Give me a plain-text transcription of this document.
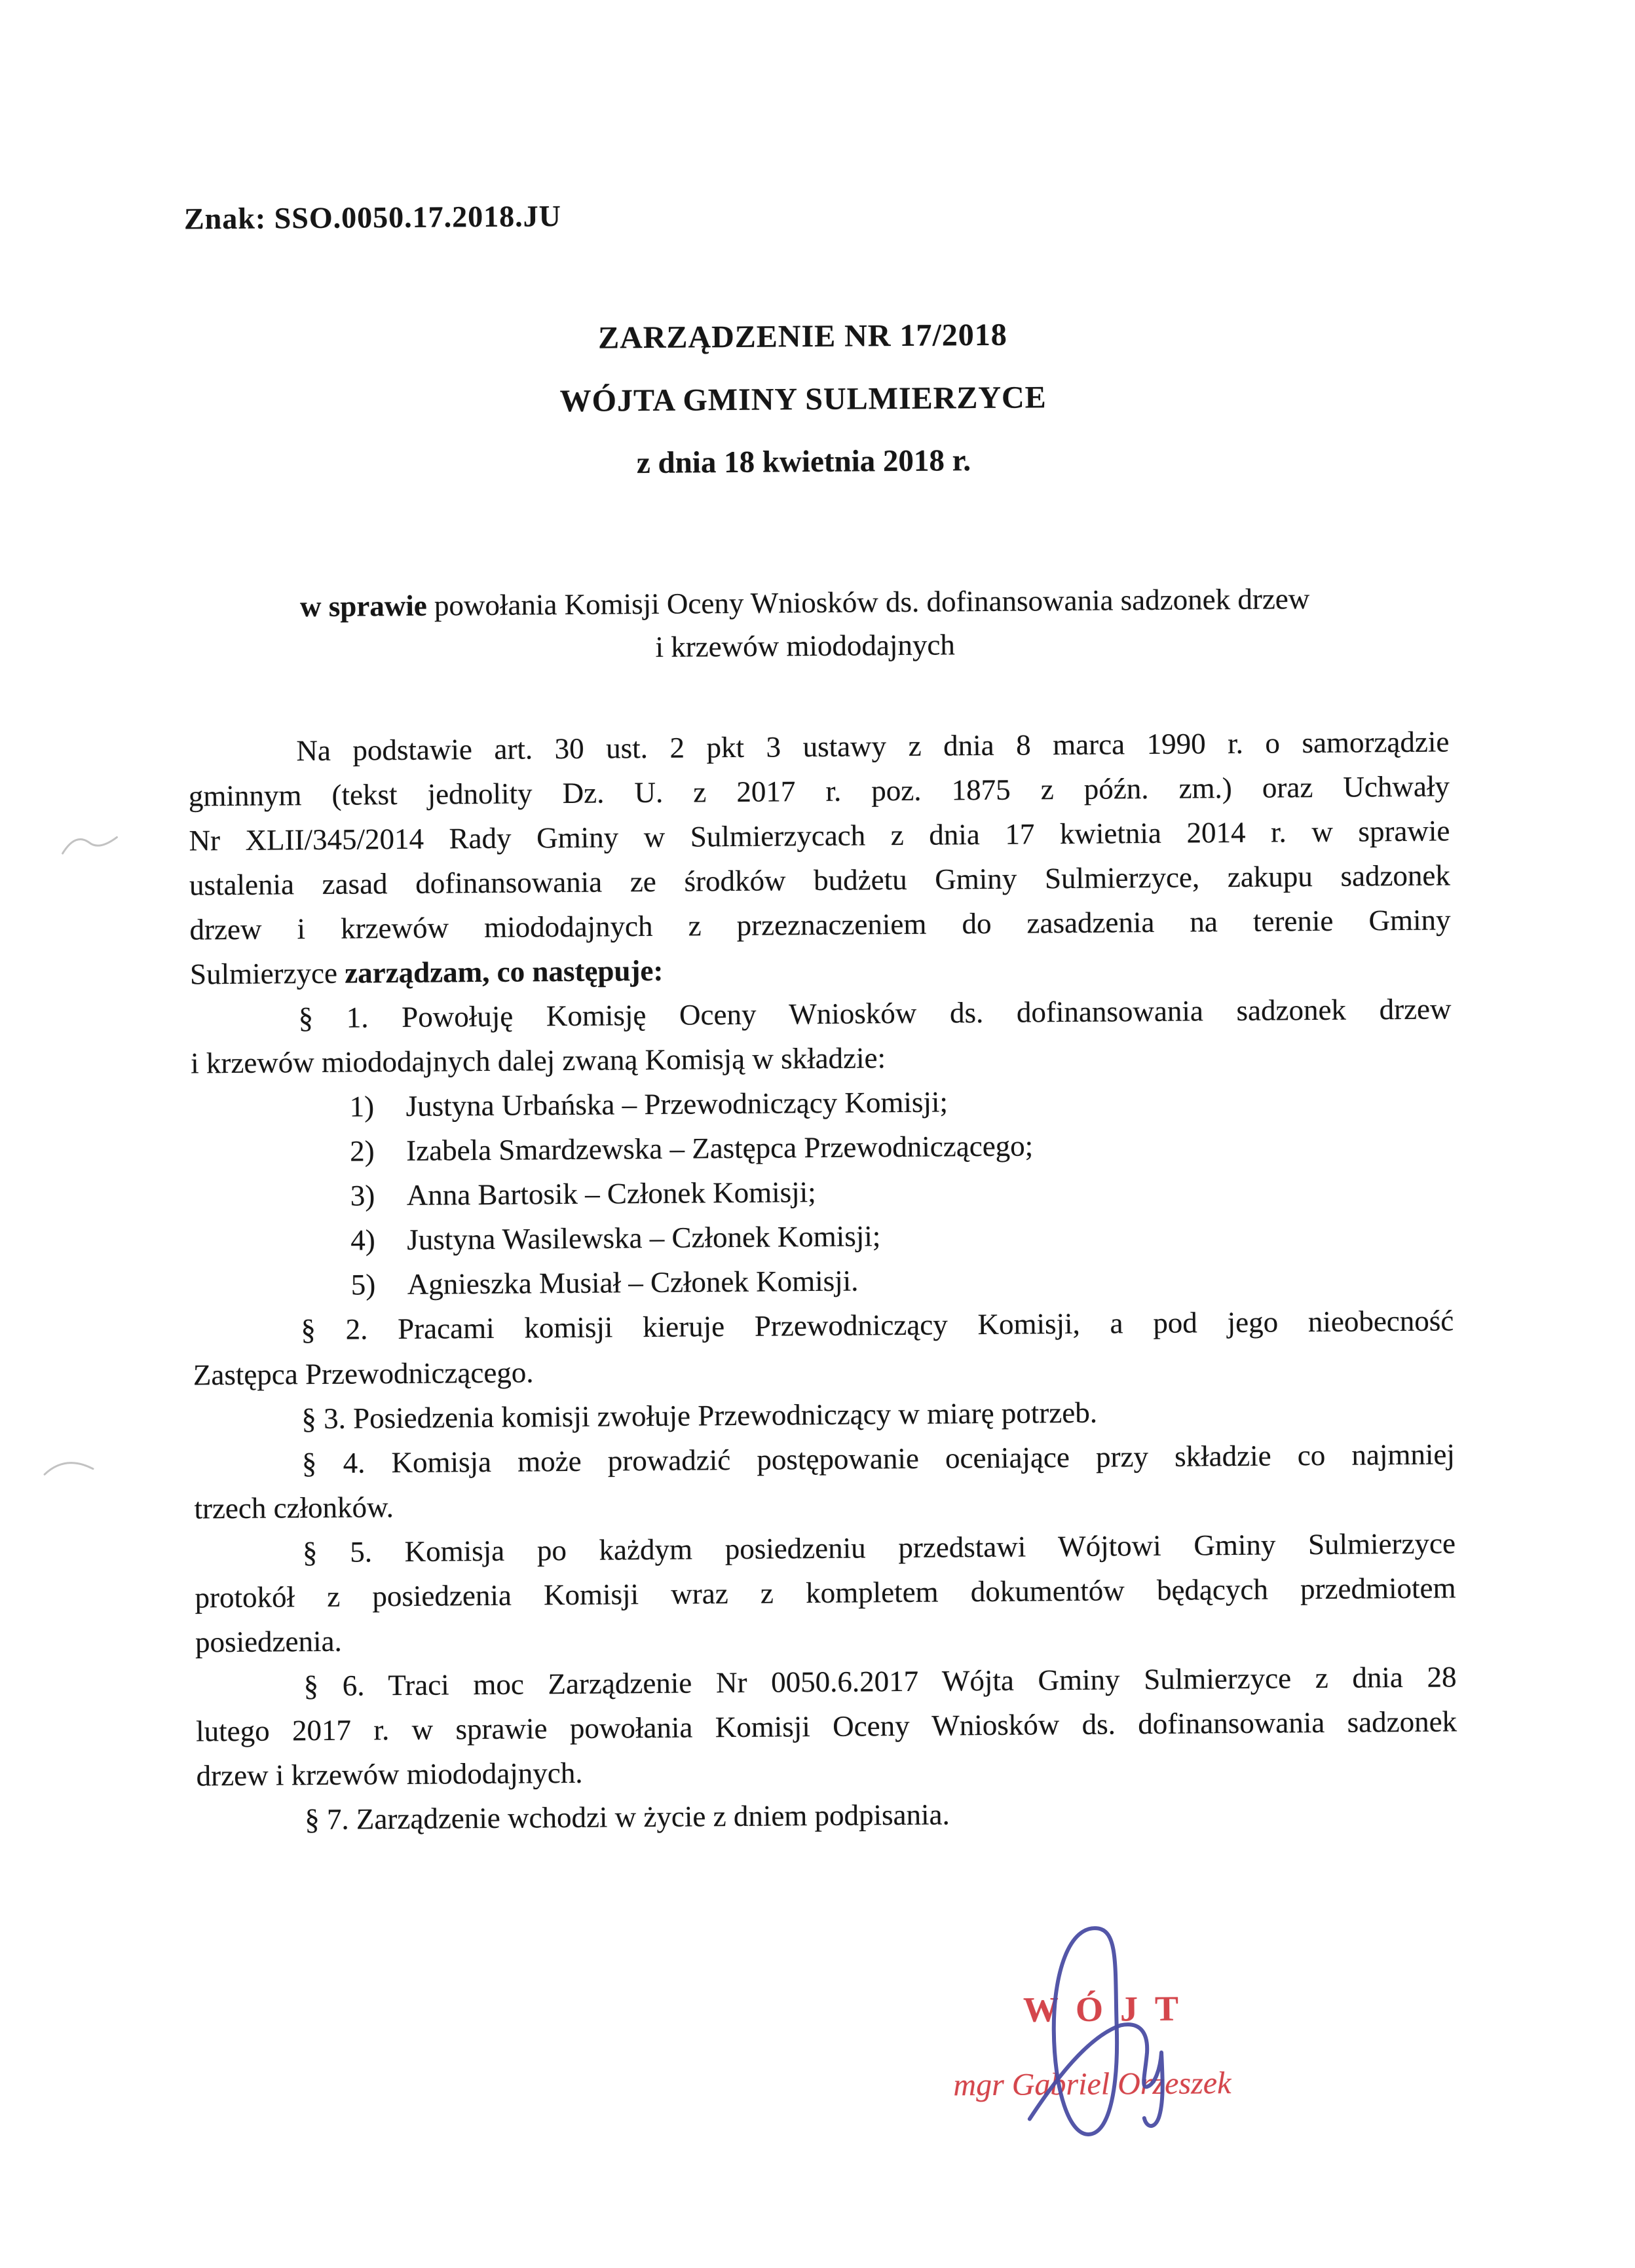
Znak: SSO.0050.17.2018.JU
ZARZĄDZENIE NR 17/2018
WÓJTA GMINY SULMIERZYCE
z dnia 18 kwietnia 2018 r.
w sprawie powołania Komisji Oceny Wniosków ds. dofinansowania sadzonek drzew
i krzewów miododajnych
Na podstawie art. 30 ust. 2 pkt 3 ustawy z dnia 8 marca 1990 r. o samorządzie
gminnym (tekst jednolity Dz. U. z 2017 r. poz. 1875 z późn. zm.) oraz Uchwały
Nr XLII/345/2014 Rady Gminy w Sulmierzycach z dnia 17 kwietnia 2014 r. w sprawie
ustalenia zasad dofinansowania ze środków budżetu Gminy Sulmierzyce, zakupu sadzonek
drzew i krzewów miododajnych z przeznaczeniem do zasadzenia na terenie Gminy
Sulmierzyce zarządzam, co następuje:
§ 1. Powołuję Komisję Oceny Wniosków ds. dofinansowania sadzonek drzew
i krzewów miododajnych dalej zwaną Komisją w składzie:
1) Justyna Urbańska – Przewodniczący Komisji;
2) Izabela Smardzewska – Zastępca Przewodniczącego;
3) Anna Bartosik – Członek Komisji;
4) Justyna Wasilewska – Członek Komisji;
5) Agnieszka Musiał – Członek Komisji.
§ 2. Pracami komisji kieruje Przewodniczący Komisji, a pod jego nieobecność
Zastępca Przewodniczącego.
§ 3. Posiedzenia komisji zwołuje Przewodniczący w miarę potrzeb.
§ 4. Komisja może prowadzić postępowanie oceniające przy składzie co najmniej
trzech członków.
§ 5. Komisja po każdym posiedzeniu przedstawi Wójtowi Gminy Sulmierzyce
protokół z posiedzenia Komisji wraz z kompletem dokumentów będących przedmiotem
posiedzenia.
§ 6. Traci moc Zarządzenie Nr 0050.6.2017 Wójta Gminy Sulmierzyce z dnia 28
lutego 2017 r. w sprawie powołania Komisji Oceny Wniosków ds. dofinansowania sadzonek
drzew i krzewów miododajnych.
§ 7. Zarządzenie wchodzi w życie z dniem podpisania.
WÓJT
mgr Gabriel Orzeszek
